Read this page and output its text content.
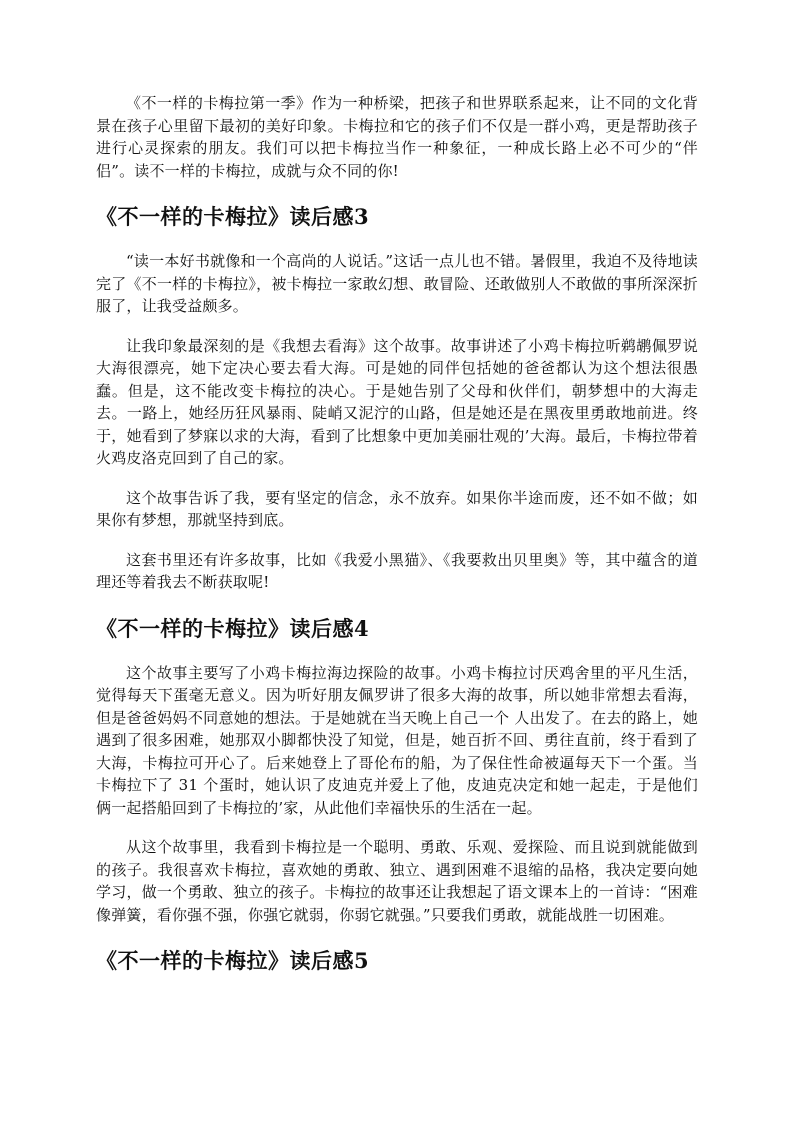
《不一样的卡梅拉第一季》作为一种桥梁，把孩子和世界联系起来，让不同的文化背景在孩子心里留下最初的美好印象。卡梅拉和它的孩子们不仅是一群小鸡，更是帮助孩子进行心灵探索的朋友。我们可以把卡梅拉当作一种象征，一种成长路上必不可少的“伴侣”。读不一样的卡梅拉，成就与众不同的你!

《不一样的卡梅拉》读后感3

“读一本好书就像和一个高尚的人说话。”这话一点儿也不错。暑假里，我迫不及待地读完了《不一样的卡梅拉》，被卡梅拉一家敢幻想、敢冒险、还敢做别人不敢做的事所深深折服了，让我受益颇多。

让我印象最深刻的是《我想去看海》这个故事。故事讲述了小鸡卡梅拉听鹈鹕佩罗说大海很漂亮，她下定决心要去看大海。可是她的同伴包括她的爸爸都认为这个想法很愚蠢。但是，这不能改变卡梅拉的决心。于是她告别了父母和伙伴们，朝梦想中的大海走去。一路上，她经历狂风暴雨、陡峭又泥泞的山路，但是她还是在黑夜里勇敢地前进。终于，她看到了梦寐以求的大海，看到了比想象中更加美丽壮观的’大海。最后，卡梅拉带着火鸡皮洛克回到了自己的家。

这个故事告诉了我，要有坚定的信念，永不放弃。如果你半途而废，还不如不做；如果你有梦想，那就坚持到底。

这套书里还有许多故事，比如《我爱小黑猫》、《我要救出贝里奥》等，其中蕴含的道理还等着我去不断获取呢!

《不一样的卡梅拉》读后感4

这个故事主要写了小鸡卡梅拉海边探险的故事。小鸡卡梅拉讨厌鸡舍里的平凡生活，觉得每天下蛋毫无意义。因为听好朋友佩罗讲了很多大海的故事，所以她非常想去看海，但是爸爸妈妈不同意她的想法。于是她就在当天晚上自己一个 人出发了。在去的路上，她遇到了很多困难，她那双小脚都快没了知觉，但是，她百折不回、勇往直前，终于看到了大海，卡梅拉可开心了。后来她登上了哥伦布的船，为了保住性命被逼每天下一个蛋。当卡梅拉下了 31 个蛋时，她认识了皮迪克并爱上了他，皮迪克决定和她一起走，于是他们俩一起搭船回到了卡梅拉的’家，从此他们幸福快乐的生活在一起。

从这个故事里，我看到卡梅拉是一个聪明、勇敢、乐观、爱探险、而且说到就能做到的孩子。我很喜欢卡梅拉，喜欢她的勇敢、独立、遇到困难不退缩的品格，我决定要向她学习，做一个勇敢、独立的孩子。卡梅拉的故事还让我想起了语文课本上的一首诗：“困难像弹簧，看你强不强，你强它就弱，你弱它就强。”只要我们勇敢，就能战胜一切困难。

《不一样的卡梅拉》读后感5
